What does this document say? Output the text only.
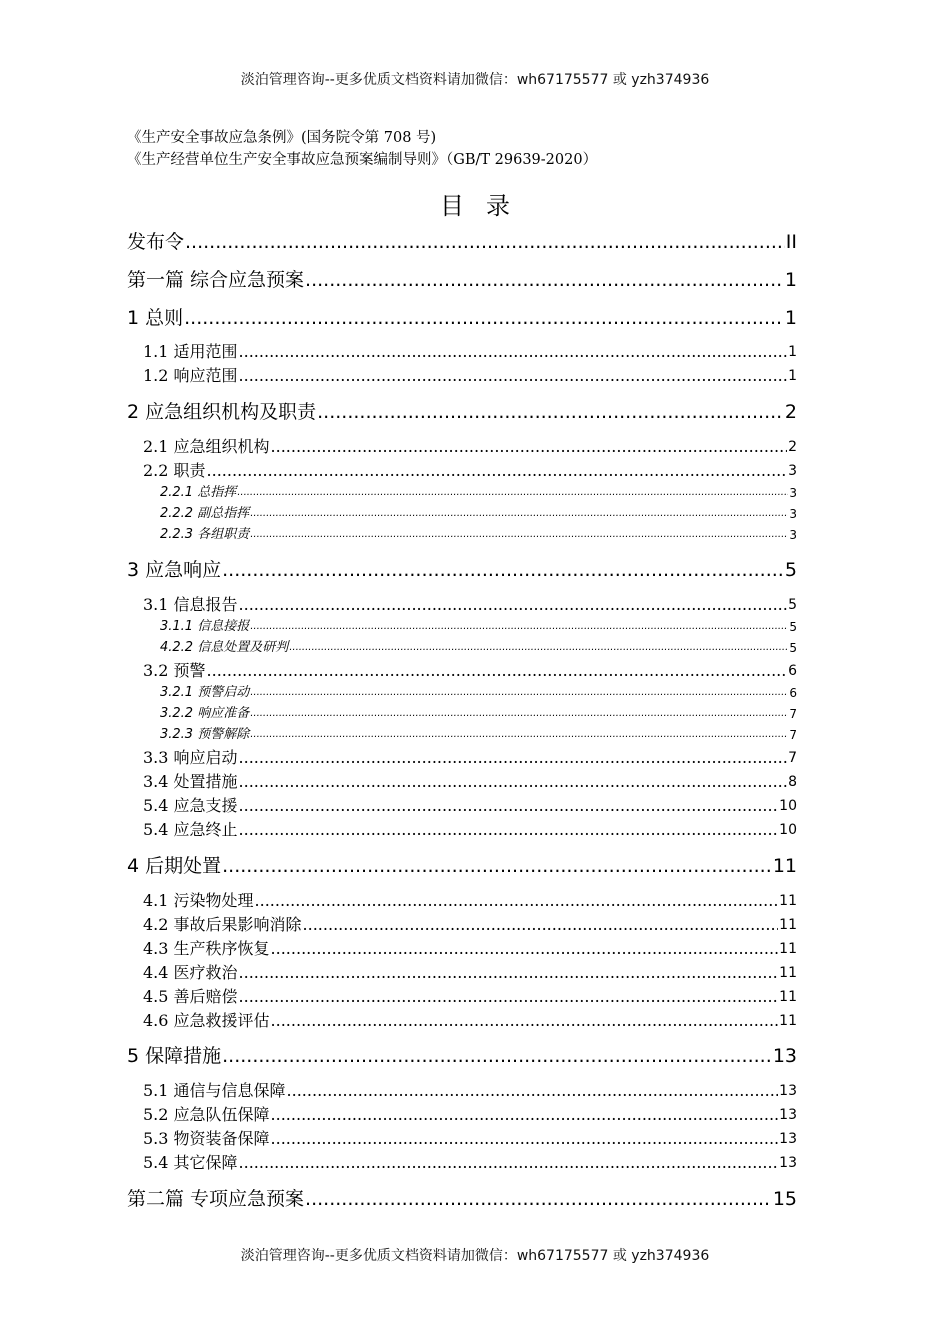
淡泊管理咨询--更多优质文档资料请加微信：wh67175577 或 yzh374936
《生产安全事故应急条例》(国务院令第 708 号)
《生产经营单位生产安全事故应急预案编制导则》（GB/T 29639-2020）
目录
发布令 .....	II
第一篇 综合应急预案 .....	1
1 总则 .....	1
1.1 适用范围 .....	1
1.2 响应范围 .....	1
2 应急组织机构及职责 .....	2
2.1 应急组织机构 .....	2
2.2 职责 .....	3
2.2.1 总指挥 .....	3
2.2.2 副总指挥 .....	3
2.2.3 各组职责 .....	3
3 应急响应 .....	5
3.1 信息报告 .....	5
3.1.1 信息接报 .....	5
4.2.2 信息处置及研判 .....	5
3.2 预警 .....	6
3.2.1 预警启动 .....	6
3.2.2 响应准备 .....	7
3.2.3 预警解除 .....	7
3.3 响应启动 .....	7
3.4 处置措施 .....	8
5.4 应急支援 .....	10
5.4 应急终止 .....	10
4 后期处置 .....	11
4.1 污染物处理 .....	11
4.2 事故后果影响消除 .....	11
4.3 生产秩序恢复 .....	11
4.4 医疗救治 .....	11
4.5 善后赔偿 .....	11
4.6 应急救援评估 .....	11
5 保障措施 .....	13
5.1 通信与信息保障 .....	13
5.2 应急队伍保障 .....	13
5.3 物资装备保障 .....	13
5.4 其它保障 .....	13
第二篇 专项应急预案 .....	15
淡泊管理咨询--更多优质文档资料请加微信：wh67175577 或 yzh374936
